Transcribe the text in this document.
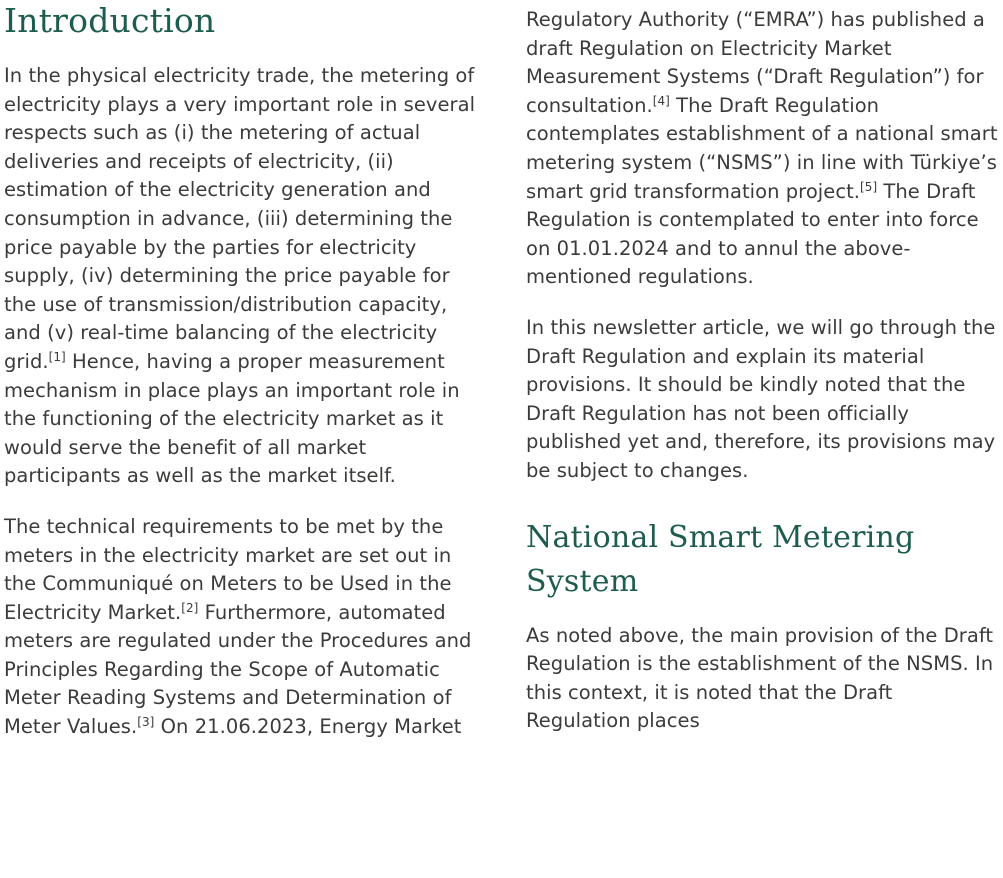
Introduction

In the physical electricity trade, the metering of electricity plays a very important role in several respects such as (i) the metering of actual deliveries and receipts of electricity, (ii) estimation of the electricity generation and consumption in advance, (iii) determining the price payable by the parties for electricity supply, (iv) determining the price payable for the use of transmission/distribution capacity, and (v) real-time balancing of the electricity grid.[1] Hence, having a proper measurement mechanism in place plays an important role in the functioning of the electricity market as it would serve the benefit of all market participants as well as the market itself.

The technical requirements to be met by the meters in the electricity market are set out in the Communiqué on Meters to be Used in the Electricity Market.[2] Furthermore, automated meters are regulated under the Procedures and Principles Regarding the Scope of Automatic Meter Reading Systems and Determination of Meter Values.[3] On 21.06.2023, Energy Market

Regulatory Authority (“EMRA”) has published a draft Regulation on Electricity Market Measurement Systems (“Draft Regulation”) for consultation.[4] The Draft Regulation contemplates establishment of a national smart metering system (“NSMS”) in line with Türkiye’s smart grid transformation project.[5] The Draft Regulation is contemplated to enter into force on 01.01.2024 and to annul the above-mentioned regulations.

In this newsletter article, we will go through the Draft Regulation and explain its material provisions. It should be kindly noted that the Draft Regulation has not been officially published yet and, therefore, its provisions may be subject to changes.

National Smart Metering System

As noted above, the main provision of the Draft Regulation is the establishment of the NSMS. In this context, it is noted that the Draft Regulation places
